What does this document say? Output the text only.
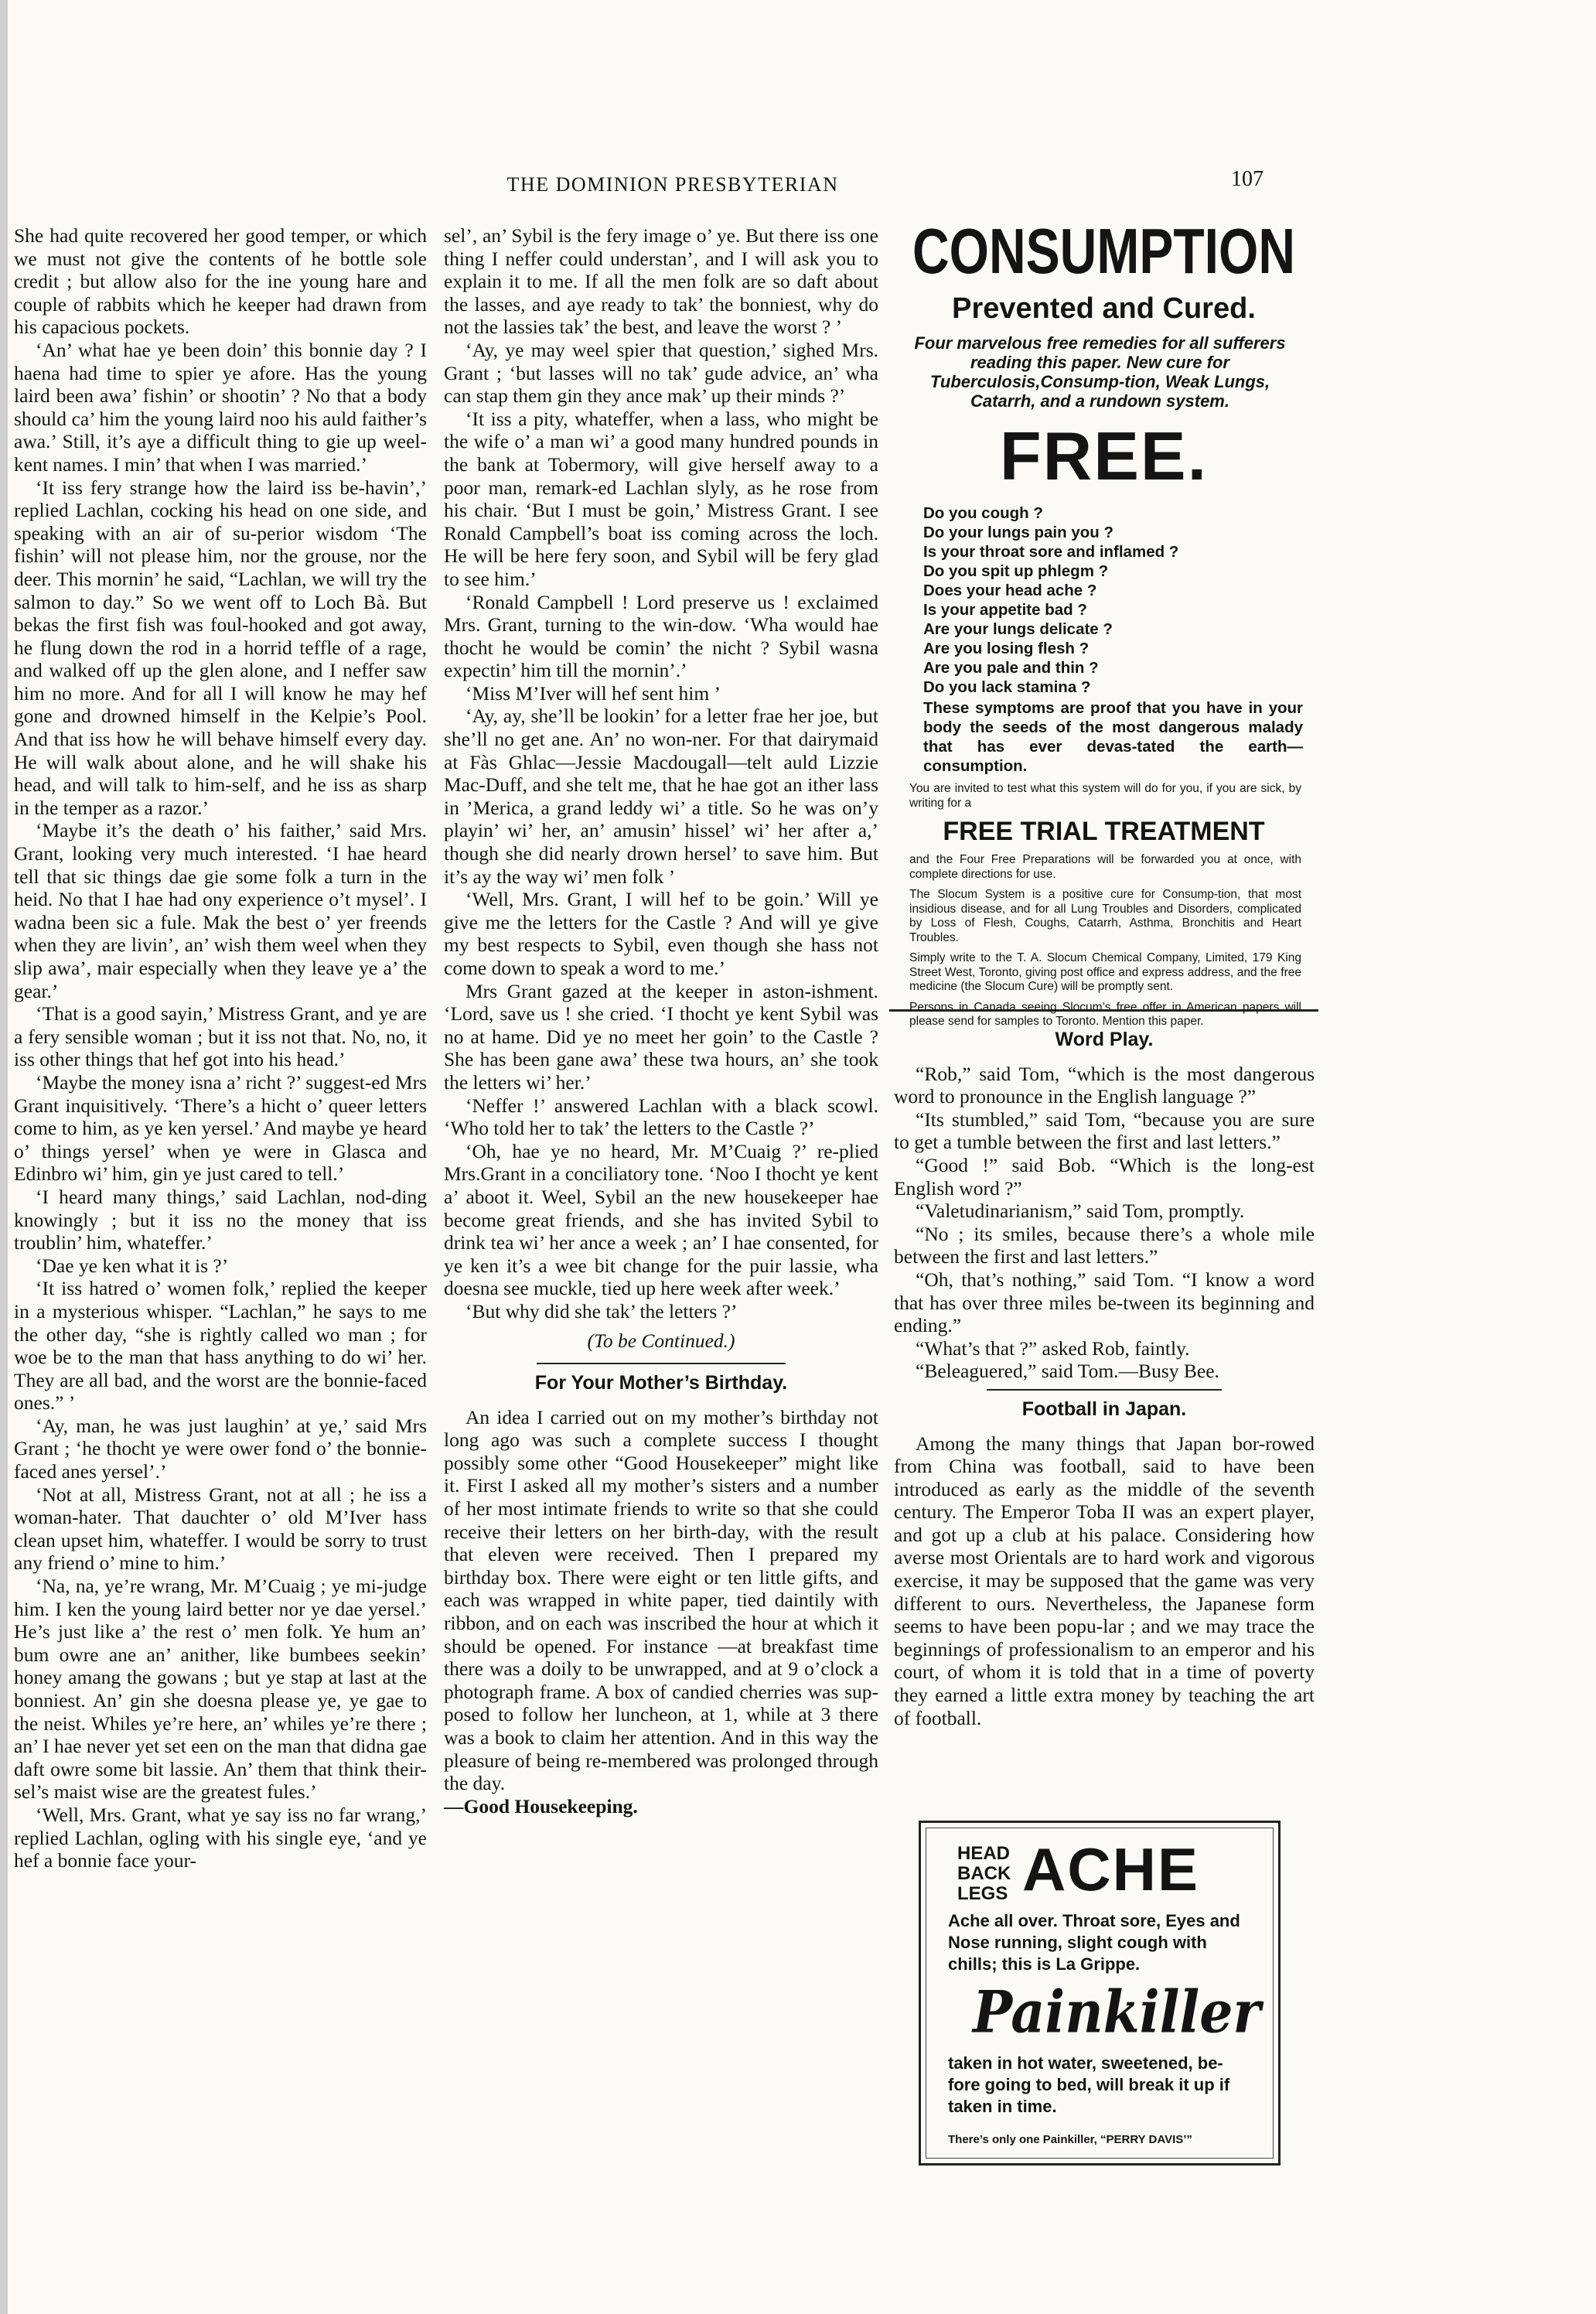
THE DOMINION PRESBYTERIAN	107

She had quite recovered her good temper, or which we must not give the contents of he bottle sole credit ; but allow also for the ine young hare and couple of rabbits which he keeper had drawn from his capacious pockets.

‘An’ what hae ye been doin’ this bonnie day ? I haena had time to spier ye afore. Has the young laird been awa’ fishin’ or shootin’ ? No that a body should ca’ him the young laird noo his auld faither’s awa.’ Still, it’s aye a difficult thing to gie up weel-kent names. I min’ that when I was married.’

‘It iss fery strange how the laird iss be-havin’,’ replied Lachlan, cocking his head on one side, and speaking with an air of su-perior wisdom ‘The fishin’ will not please him, nor the grouse, nor the deer. This mornin’ he said, “Lachlan, we will try the salmon to day.” So we went off to Loch Bà. But bekas the first fish was foul-hooked and got away, he flung down the rod in a horrid teffle of a rage, and walked off up the glen alone, and I neffer saw him no more. And for all I will know he may hef gone and drowned himself in the Kelpie’s Pool. And that iss how he will behave himself every day. He will walk about alone, and he will shake his head, and will talk to him-self, and he iss as sharp in the temper as a razor.’

‘Maybe it’s the death o’ his faither,’ said Mrs. Grant, looking very much interested. ‘I hae heard tell that sic things dae gie some folk a turn in the heid. No that I hae had ony experience o’t mysel’. I wadna been sic a fule. Mak the best o’ yer freends when they are livin’, an’ wish them weel when they slip awa’, mair especially when they leave ye a’ the gear.’

‘That is a good sayin,’ Mistress Grant, and ye are a fery sensible woman ; but it iss not that. No, no, it iss other things that hef got into his head.’

‘Maybe the money isna a’ richt ?’ suggest-ed Mrs Grant inquisitively. ‘There’s a hicht o’ queer letters come to him, as ye ken yersel.’ And maybe ye heard o’ things yersel’ when ye were in Glasca and Edinbro wi’ him, gin ye just cared to tell.’

‘I heard many things,’ said Lachlan, nod-ding knowingly ; but it iss no the money that iss troublin’ him, whateffer.’

‘Dae ye ken what it is ?’

‘It iss hatred o’ women folk,’ replied the keeper in a mysterious whisper. “Lachlan,” he says to me the other day, “she is rightly called wo man ; for woe be to the man that hass anything to do wi’ her. They are all bad, and the worst are the bonnie-faced ones.” ’

‘Ay, man, he was just laughin’ at ye,’ said Mrs Grant ; ‘he thocht ye were ower fond o’ the bonnie-faced anes yersel’.’

‘Not at all, Mistress Grant, not at all ; he iss a woman-hater. That dauchter o’ old M’Iver hass clean upset him, whateffer. I would be sorry to trust any friend o’ mine to him.’

‘Na, na, ye’re wrang, Mr. M’Cuaig ; ye mi-judge him. I ken the young laird better nor ye dae yersel.’ He’s just like a’ the rest o’ men folk. Ye hum an’ bum owre ane an’ anither, like bumbees seekin’ honey amang the gowans ; but ye stap at last at the bonniest. An’ gin she doesna please ye, ye gae to the neist. Whiles ye’re here, an’ whiles ye’re there ; an’ I hae never yet set een on the man that didna gae daft owre some bit lassie. An’ them that think their-sel’s maist wise are the greatest fules.’

‘Well, Mrs. Grant, what ye say iss no far wrang,’ replied Lachlan, ogling with his single eye, ‘and ye hef a bonnie face your-

sel’, an’ Sybil is the fery image o’ ye. But there iss one thing I neffer could understan’, and I will ask you to explain it to me. If all the men folk are so daft about the lasses, and aye ready to tak’ the bonniest, why do not the lassies tak’ the best, and leave the worst ? ’

‘Ay, ye may weel spier that question,’ sighed Mrs. Grant ; ‘but lasses will no tak’ gude advice, an’ wha can stap them gin they ance mak’ up their minds ?’

‘It iss a pity, whateffer, when a lass, who might be the wife o’ a man wi’ a good many hundred pounds in the bank at Tobermory, will give herself away to a poor man, remark-ed Lachlan slyly, as he rose from his chair. ‘But I must be goin,’ Mistress Grant. I see Ronald Campbell’s boat iss coming across the loch. He will be here fery soon, and Sybil will be fery glad to see him.’

‘Ronald Campbell ! Lord preserve us ! exclaimed Mrs. Grant, turning to the win-dow. ‘Wha would hae thocht he would be comin’ the nicht ? Sybil wasna expectin’ him till the mornin’.’

‘Miss M’Iver will hef sent him ’

‘Ay, ay, she’ll be lookin’ for a letter frae her joe, but she’ll no get ane. An’ no won-ner. For that dairymaid at Fàs Ghlac—Jessie Macdougall—telt auld Lizzie Mac-Duff, and she telt me, that he hae got an ither lass in ’Merica, a grand leddy wi’ a title. So he was on’y playin’ wi’ her, an’ amusin’ hissel’ wi’ her after a,’ though she did nearly drown hersel’ to save him. But it’s ay the way wi’ men folk ’

‘Well, Mrs. Grant, I will hef to be goin.’ Will ye give me the letters for the Castle ? And will ye give my best respects to Sybil, even though she hass not come down to speak a word to me.’

Mrs Grant gazed at the keeper in aston-ishment. ‘Lord, save us ! she cried. ‘I thocht ye kent Sybil was no at hame. Did ye no meet her goin’ to the Castle ? She has been gane awa’ these twa hours, an’ she took the letters wi’ her.’

‘Neffer !’ answered Lachlan with a black scowl. ‘Who told her to tak’ the letters to the Castle ?’

‘Oh, hae ye no heard, Mr. M’Cuaig ?’ re-plied Mrs.Grant in a conciliatory tone. ‘Noo I thocht ye kent a’ aboot it. Weel, Sybil an the new housekeeper hae become great friends, and she has invited Sybil to drink tea wi’ her ance a week ; an’ I hae consented, for ye ken it’s a wee bit change for the puir lassie, wha doesna see muckle, tied up here week after week.’

‘But why did she tak’ the letters ?’

(To be Continued.)
For Your Mother’s Birthday.

An idea I carried out on my mother’s birthday not long ago was such a complete success I thought possibly some other “Good Housekeeper” might like it. First I asked all my mother’s sisters and a number of her most intimate friends to write so that she could receive their letters on her birth-day, with the result that eleven were received. Then I prepared my birthday box. There were eight or ten little gifts, and each was wrapped in white paper, tied daintily with ribbon, and on each was inscribed the hour at which it should be opened. For instance —at breakfast time there was a doily to be unwrapped, and at 9 o’clock a photograph frame. A box of candied cherries was sup-posed to follow her luncheon, at 1, while at 3 there was a book to claim her attention. And in this way the pleasure of being re-membered was prolonged through the day.

—Good Housekeeping.

CONSUMPTION
Prevented and Cured.
Four marvelous free remedies for all sufferers reading this paper. New cure for Tuberculosis,Consump-tion, Weak Lungs, Catarrh, and a rundown system.
FREE.
Do you cough ?
Do your lungs pain you ?
Is your throat sore and inflamed ?
Do you spit up phlegm ?
Does your head ache ?
Is your appetite bad ?
Are your lungs delicate ?
Are you losing flesh ?
Are you pale and thin ?
Do you lack stamina ?
These symptoms are proof that you have in your body the seeds of the most dangerous malady that has ever devas-tated the earth—consumption.
You are invited to test what this system will do for you, if you are sick, by writing for a
FREE TRIAL TREATMENT
and the Four Free Preparations will be forwarded you at once, with complete directions for use.
The Slocum System is a positive cure for Consump-tion, that most insidious disease, and for all Lung Troubles and Disorders, complicated by Loss of Flesh, Coughs, Catarrh, Asthma, Bronchitis and Heart Troubles.
Simply write to the T. A. Slocum Chemical Company, Limited, 179 King Street West, Toronto, giving post office and express address, and the free medicine (the Slocum Cure) will be promptly sent.
Persons in Canada seeing Slocum’s free offer in American papers will please send for samples to Toronto. Mention this paper.
Word Play.

“Rob,” said Tom, “which is the most dangerous word to pronounce in the English language ?”

“Its stumbled,” said Tom, “because you are sure to get a tumble between the first and last letters.”

“Good !” said Bob. “Which is the long-est English word ?”

“Valetudinarianism,” said Tom, promptly.

“No ; its smiles, because there’s a whole mile between the first and last letters.”

“Oh, that’s nothing,” said Tom. “I know a word that has over three miles be-tween its beginning and ending.”

“What’s that ?” asked Rob, faintly.

“Beleaguered,” said Tom.—Busy Bee.

Football in Japan.

Among the many things that Japan bor-rowed from China was football, said to have been introduced as early as the middle of the seventh century. The Emperor Toba II was an expert player, and got up a club at his palace. Considering how averse most Orientals are to hard work and vigorous exercise, it may be supposed that the game was very different to ours. Nevertheless, the Japanese form seems to have been popu-lar ; and we may trace the beginnings of professionalism to an emperor and his court, of whom it is told that in a time of poverty they earned a little extra money by teaching the art of football.

HEAD
BACK
LEGS ACHE
Ache all over. Throat sore, Eyes and Nose running, slight cough with chills; this is La Grippe.
Painkiller
taken in hot water, sweetened, be-fore going to bed, will break it up if taken in time.
There’s only one Painkiller, “PERRY DAVIS’”
